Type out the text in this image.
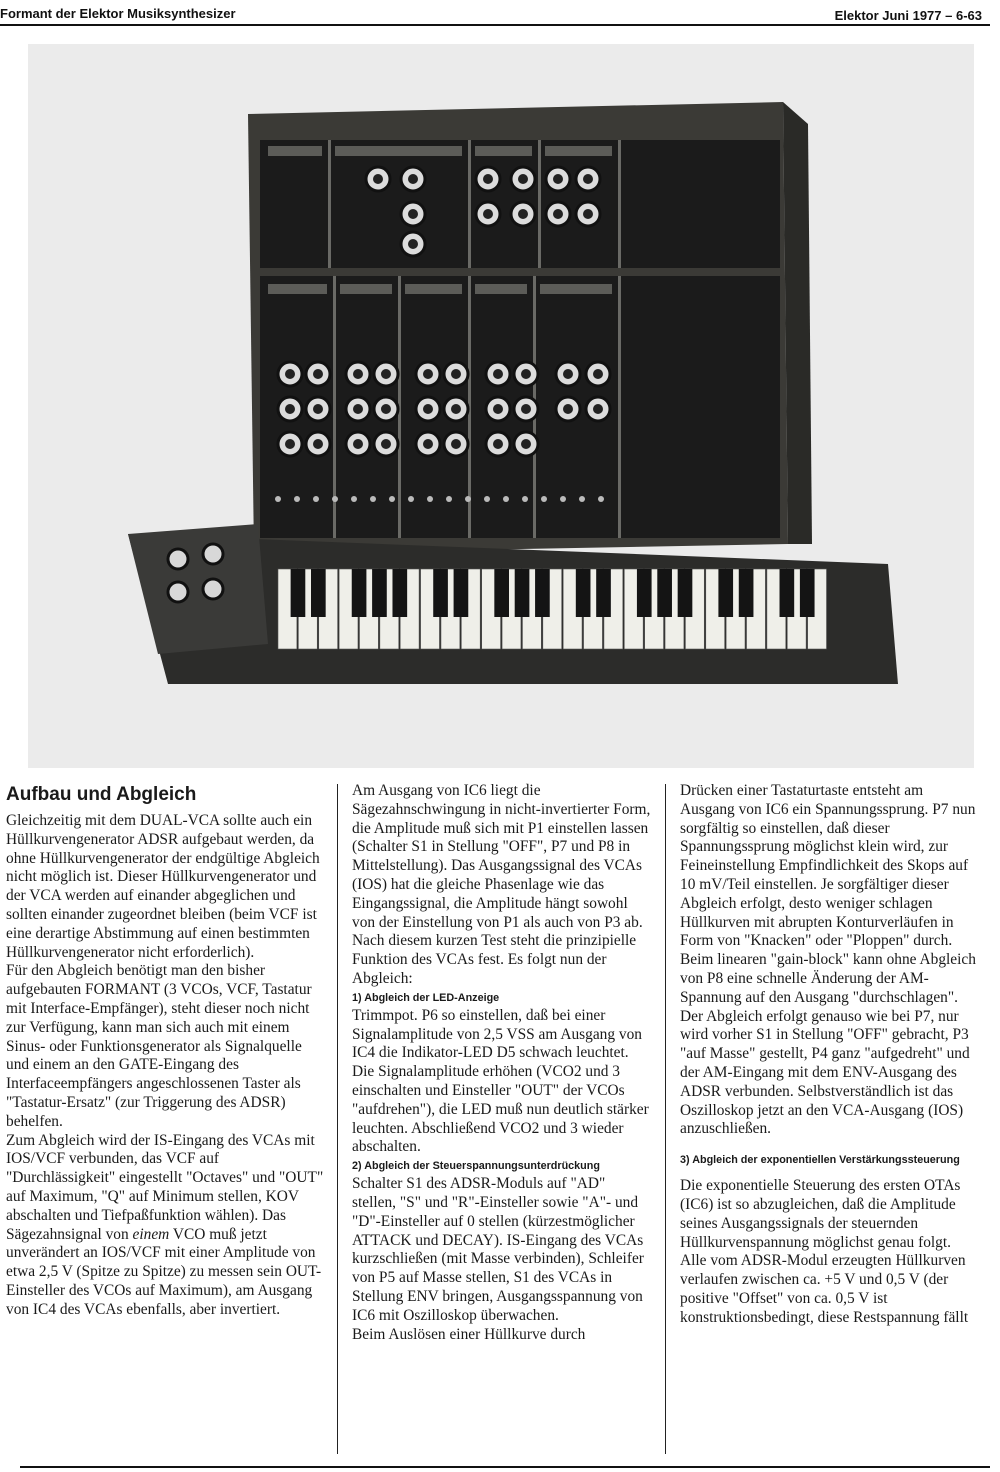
Formant der Elektor Musiksynthesizer	Elektor Juni 1977 – 6-63
Aufbau und Abgleich

Gleichzeitig mit dem DUAL-VCA sollte auch ein Hüllkurvengenerator ADSR aufgebaut werden, da ohne Hüllkurvengenerator der endgültige Abgleich nicht möglich ist. Dieser Hüllkurvengenerator und der VCA werden auf einander abgeglichen und sollten einander zugeordnet bleiben (beim VCF ist eine derartige Abstimmung auf einen bestimmten Hüllkurvengenerator nicht erforderlich).

Für den Abgleich benötigt man den bisher aufgebauten FORMANT (3 VCOs, VCF, Tastatur mit Interface-Empfänger), steht dieser noch nicht zur Verfügung, kann man sich auch mit einem Sinus- oder Funktionsgenerator als Signalquelle und einem an den GATE-Eingang des Interfaceempfängers angeschlossenen Taster als "Tastatur-Ersatz" (zur Triggerung des ADSR) behelfen.

Zum Abgleich wird der IS-Eingang des VCAs mit IOS/VCF verbunden, das VCF auf "Durchlässigkeit" eingestellt "Octaves" und "OUT" auf Maximum, "Q" auf Minimum stellen, KOV abschalten und Tiefpaßfunktion wählen). Das Sägezahnsignal von einem VCO muß jetzt unverändert an IOS/VCF mit einer Amplitude von etwa 2,5 V (Spitze zu Spitze) zu messen sein OUT-Einsteller des VCOs auf Maximum), am Ausgang von IC4 des VCAs ebenfalls, aber invertiert.

Am Ausgang von IC6 liegt die Sägezahnschwingung in nicht-invertierter Form, die Amplitude muß sich mit P1 einstellen lassen (Schalter S1 in Stellung "OFF", P7 und P8 in Mittelstellung). Das Ausgangssignal des VCAs (IOS) hat die gleiche Phasenlage wie das Eingangssignal, die Amplitude hängt sowohl von der Einstellung von P1 als auch von P3 ab.

Nach diesem kurzen Test steht die prinzipielle Funktion des VCAs fest. Es folgt nun der Abgleich:

1) Abgleich der LED-Anzeige

Trimmpot. P6 so einstellen, daß bei einer Signalamplitude von 2,5 VSS am Ausgang von IC4 die Indikator-LED D5 schwach leuchtet. Die Signalamplitude erhöhen (VCO2 und 3 einschalten und Einsteller "OUT" der VCOs "aufdrehen"), die LED muß nun deutlich stärker leuchten. Abschließend VCO2 und 3 wieder abschalten.

2) Abgleich der Steuerspannungsunterdrückung

Schalter S1 des ADSR-Moduls auf "AD" stellen, "S" und "R"-Einsteller sowie "A"- und "D"-Einsteller auf 0 stellen (kürzestmöglicher ATTACK und DECAY). IS-Eingang des VCAs kurzschließen (mit Masse verbinden), Schleifer von P5 auf Masse stellen, S1 des VCAs in Stellung ENV bringen, Ausgangsspannung von IC6 mit Oszilloskop überwachen.

Beim Auslösen einer Hüllkurve durch

Drücken einer Tastaturtaste entsteht am Ausgang von IC6 ein Spannungssprung. P7 nun sorgfältig so einstellen, daß dieser Spannungssprung möglichst klein wird, zur Feineinstellung Empfindlichkeit des Skops auf 10 mV/Teil einstellen. Je sorgfältiger dieser Abgleich erfolgt, desto weniger schlagen Hüllkurven mit abrupten Konturverläufen in Form von "Knacken" oder "Ploppen" durch.

Beim linearen "gain-block" kann ohne Abgleich von P8 eine schnelle Änderung der AM-Spannung auf den Ausgang "durchschlagen". Der Abgleich erfolgt genauso wie bei P7, nur wird vorher S1 in Stellung "OFF" gebracht, P3 "auf Masse" gestellt, P4 ganz "aufgedreht" und der AM-Eingang mit dem ENV-Ausgang des ADSR verbunden. Selbstverständlich ist das Oszilloskop jetzt an den VCA-Ausgang (IOS) anzuschließen.

3) Abgleich der exponentiellen Verstärkungssteuerung

Die exponentielle Steuerung des ersten OTAs (IC6) ist so abzugleichen, daß die Amplitude seines Ausgangssignals der steuernden Hüllkurvenspannung möglichst genau folgt. Alle vom ADSR-Modul erzeugten Hüllkurven verlaufen zwischen ca. +5 V und 0,5 V (der positive "Offset" von ca. 0,5 V ist konstruktionsbedingt, diese Restspannung fällt
